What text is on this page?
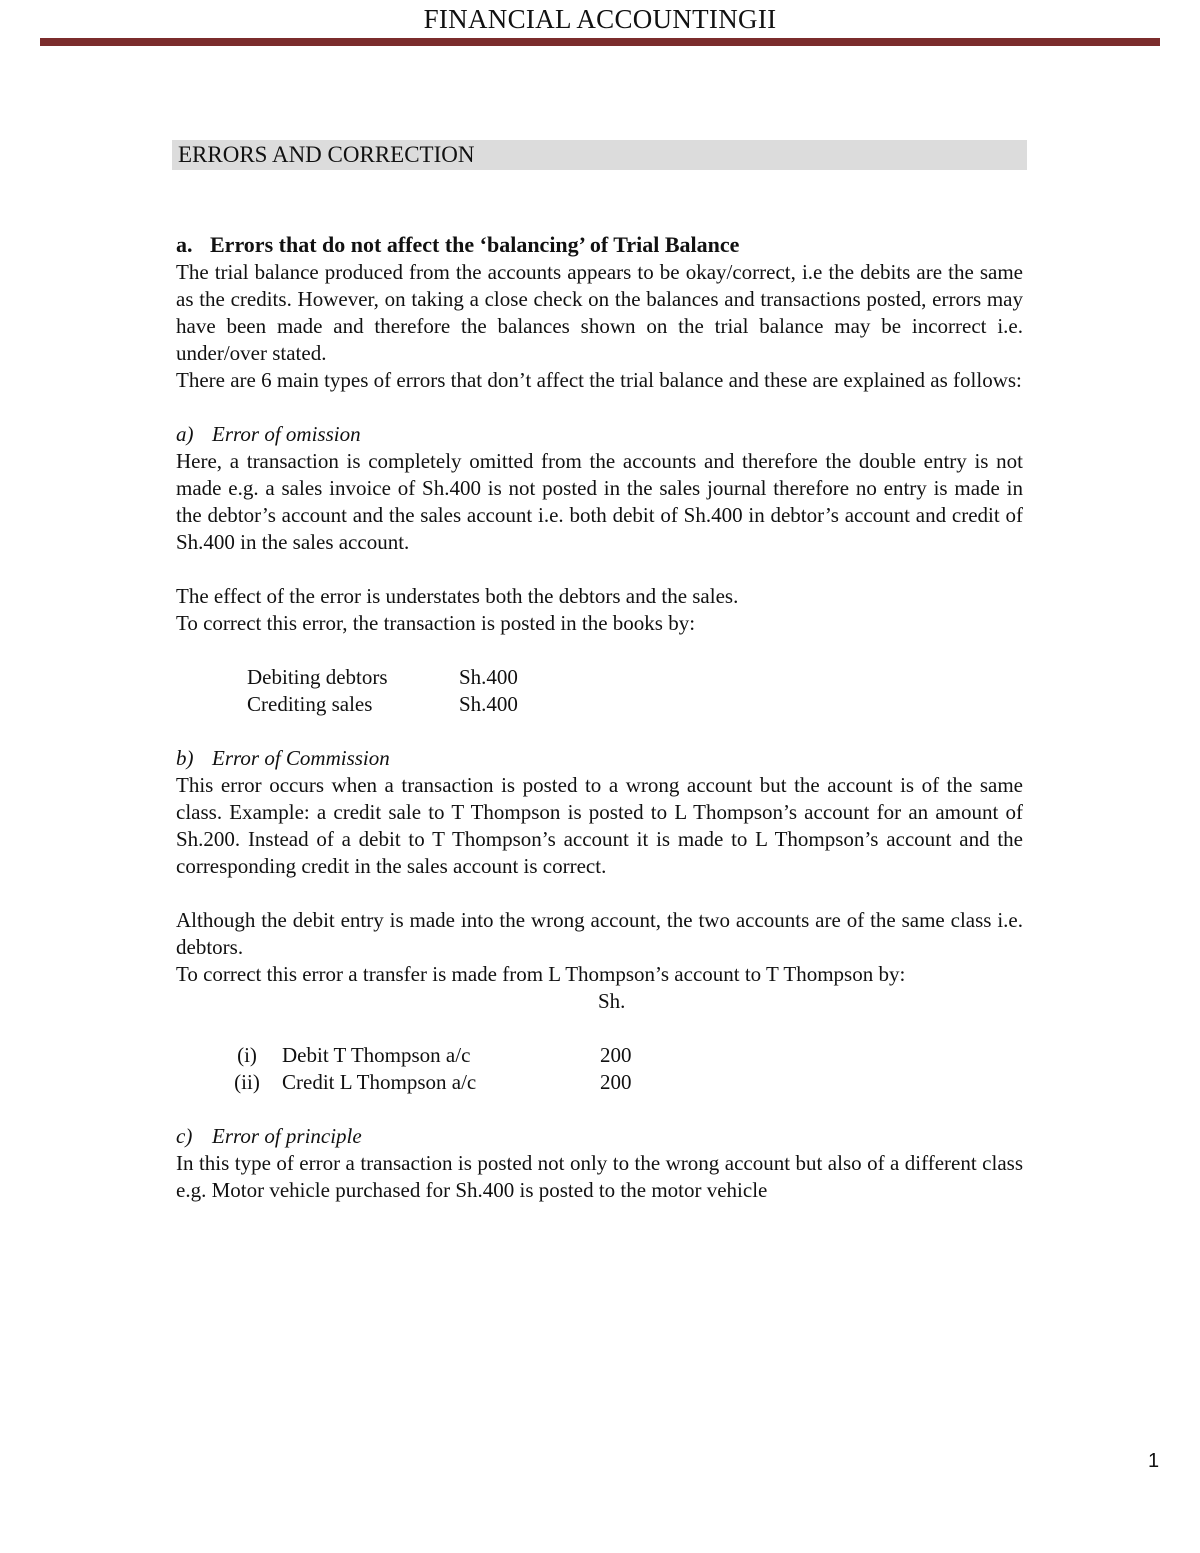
FINANCIAL ACCOUNTINGII
ERRORS AND CORRECTION
a. Errors that do not affect the ‘balancing’ of Trial Balance

The trial balance produced from the accounts appears to be okay/correct, i.e the debits are the same as the credits. However, on taking a close check on the balances and transactions posted, errors may have been made and therefore the balances shown on the trial balance may be incorrect i.e. under/over stated.

There are 6 main types of errors that don’t affect the trial balance and these are explained as follows:

a) Error of omission

Here, a transaction is completely omitted from the accounts and therefore the double entry is not made e.g. a sales invoice of Sh.400 is not posted in the sales journal therefore no entry is made in the debtor’s account and the sales account i.e. both debit of Sh.400 in debtor’s account and credit of Sh.400 in the sales account.

The effect of the error is understates both the debtors and the sales.

To correct this error, the transaction is posted in the books by:

Debiting debtors	Sh.400
Crediting sales	Sh.400
b) Error of Commission

This error occurs when a transaction is posted to a wrong account but the account is of the same class. Example: a credit sale to T Thompson is posted to L Thompson’s account for an amount of Sh.200. Instead of a debit to T Thompson’s account it is made to L Thompson’s account and the corresponding credit in the sales account is correct.

Although the debit entry is made into the wrong account, the two accounts are of the same class i.e. debtors.

To correct this error a transfer is made from L Thompson’s account to T Thompson by:

Sh.
(i)	Debit T Thompson a/c	200
(ii)	Credit L Thompson a/c	200
c) Error of principle

In this type of error a transaction is posted not only to the wrong account but also of a different class e.g. Motor vehicle purchased for Sh.400 is posted to the motor vehicle

1
